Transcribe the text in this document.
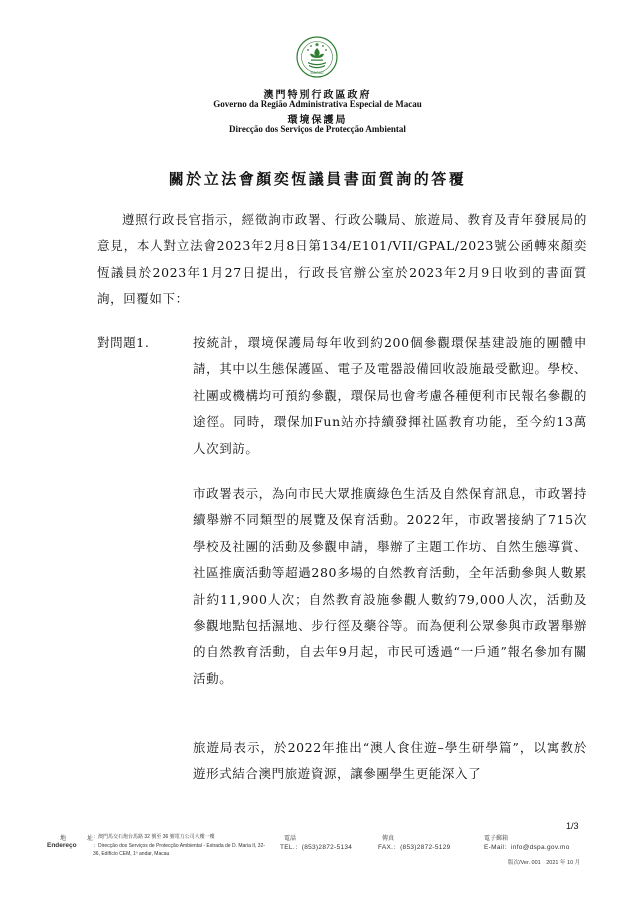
MACAU
澳門特別行政區政府
Governo da Região Administrativa Especial de Macau
環境保護局
Direcção dos Serviços de Protecção Ambiental
關於立法會顏奕恆議員書面質詢的答覆

遵照行政長官指示，經徵詢市政署、行政公職局、旅遊局、教育及青年發展局的意見，本人對立法會2023年2月8日第134/E101/VII/GPAL/2023號公函轉來顏奕恆議員於2023年1月27日提出，行政長官辦公室於2023年2月9日收到的書面質詢，回覆如下：

對問題1.	按統計，環境保護局每年收到約200個參觀環保基建設施的團體申請，其中以生態保護區、電子及電器設備回收設施最受歡迎。學校、社團或機構均可預約參觀，環保局也會考慮各種便利市民報名參觀的途徑。同時，環保加Fun站亦持續發揮社區教育功能，至今約13萬人次到訪。

市政署表示，為向市民大眾推廣綠色生活及自然保育訊息，市政署持續舉辦不同類型的展覽及保育活動。2022年，市政署接納了715次學校及社團的活動及參觀申請，舉辦了主題工作坊、自然生態導賞、社區推廣活動等超過280多場的自然教育活動，全年活動參與人數累計約11,900人次；自然教育設施參觀人數約79,000人次，活動及參觀地點包括濕地、步行徑及藥谷等。而為便利公眾參與市政署舉辦的自然教育活動，自去年9月起，市民可透過“一戶通”報名參加有關活動。

旅遊局表示，於2022年推出“澳人食住遊–學生研學篇”，以寓教於遊形式結合澳門旅遊資源，讓參團學生更能深入了

1/3
地　　址
Endereço
：澳門馬交石炮台馬路 32 號至 36 號電力公司大樓一樓
：Direcção dos Serviços de Protecção Ambiental - Estrada de D. Maria II, 32-36, Edifício CEM, 1º andar, Macau
電話
TEL.：(853)2872-5134
傳真
FAX.：(853)2872-5129
電子郵箱
E-Mail：info@dspa.gov.mo
版次/Ver. 001　2021 年 10 月
